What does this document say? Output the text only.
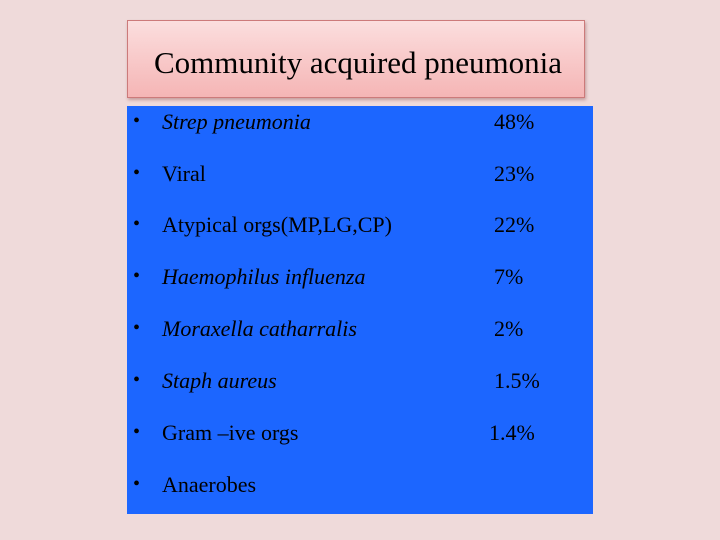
Community acquired pneumonia
• Strep pneumonia	48%
• Viral	23%
• Atypical orgs(MP,LG,CP)	22%
• Haemophilus influenza	7%
• Moraxella catharralis	2%
• Staph aureus	1.5%
• Gram –ive orgs	1.4%
• Anaerobes
